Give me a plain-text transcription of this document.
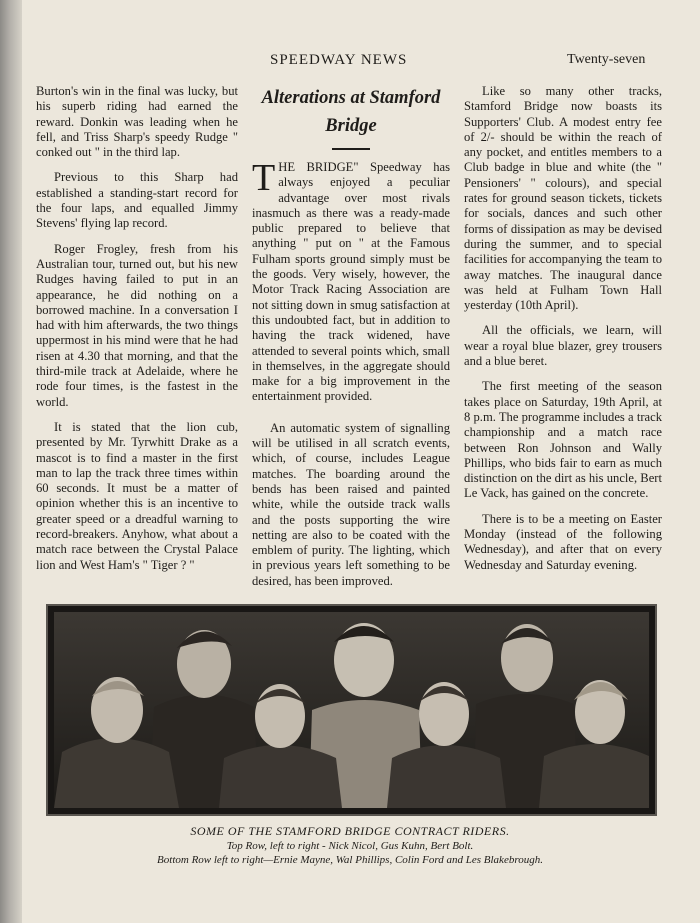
SPEEDWAY NEWS	Twenty-seven

Burton's win in the final was lucky, but his superb riding had earned the reward. Donkin was leading when he fell, and Triss Sharp's speedy Rudge " conked out " in the third lap.

Previous to this Sharp had established a standing-start record for the four laps, and equalled Jimmy Stevens' flying lap record.

Roger Frogley, fresh from his Australian tour, turned out, but his new Rudges having failed to put in an appearance, he did nothing on a borrowed machine. In a conversation I had with him afterwards, the two things uppermost in his mind were that he had risen at 4.30 that morning, and that the third-mile track at Adelaide, where he rode four times, is the fastest in the world.

It is stated that the lion cub, presented by Mr. Tyrwhitt Drake as a mascot is to find a master in the first man to lap the track three times within 60 seconds. It must be a matter of opinion whether this is an incentive to greater speed or a dreadful warning to record-breakers. Anyhow, what about a match race between the Crystal Palace lion and West Ham's " Tiger ? "

Alterations at Stamford Bridge

THE BRIDGE" Speedway has always enjoyed a peculiar advantage over most rivals inasmuch as there was a ready-made public prepared to believe that anything " put on " at the Famous Fulham sports ground simply must be the goods. Very wisely, however, the Motor Track Racing Association are not sitting down in smug satisfaction at this undoubted fact, but in addition to having the track widened, have attended to several points which, small in themselves, in the aggregate should make for a big improvement in the entertainment provided.

An automatic system of signalling will be utilised in all scratch events, which, of course, includes League matches. The boarding around the bends has been raised and painted white, while the outside track walls and the posts supporting the wire netting are also to be coated with the emblem of purity. The lighting, which in previous years left something to be desired, has been improved.

Like so many other tracks, Stamford Bridge now boasts its Supporters' Club. A modest entry fee of 2/- should be within the reach of any pocket, and entitles members to a Club badge in blue and white (the " Pensioners' " colours), and special rates for ground season tickets, tickets for socials, dances and such other forms of dissipation as may be devised during the summer, and to special facilities for accompanying the team to away matches. The inaugural dance was held at Fulham Town Hall yesterday (10th April).

All the officials, we learn, will wear a royal blue blazer, grey trousers and a blue beret.

The first meeting of the season takes place on Saturday, 19th April, at 8 p.m. The programme includes a track championship and a match race between Ron Johnson and Wally Phillips, who bids fair to earn as much distinction on the dirt as his uncle, Bert Le Vack, has gained on the concrete.

There is to be a meeting on Easter Monday (instead of the following Wednesday), and after that on every Wednesday and Saturday evening.

SOME OF THE STAMFORD BRIDGE CONTRACT RIDERS.
Top Row, left to right - Nick Nicol, Gus Kuhn, Bert Bolt.
Bottom Row left to right—Ernie Mayne, Wal Phillips, Colin Ford and Les Blakebrough.
